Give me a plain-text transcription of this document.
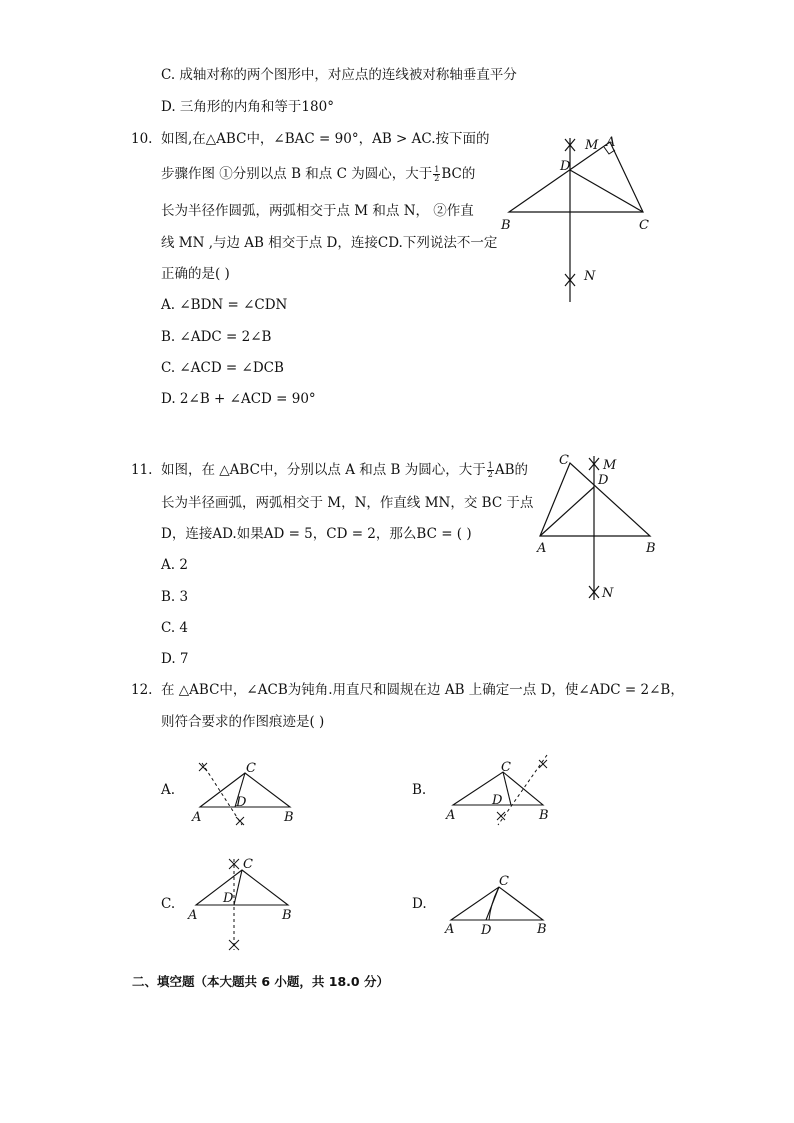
C. 成轴对称的两个图形中，对应点的连线被对称轴垂直平分
D. 三角形的内角和等于180°
10. 如图,在△ABC中，∠BAC = 90°，AB > AC.按下面的
步骤作图 ①分别以点 B 和点 C 为圆心，大于 $\frac{1}{2}$ BC的
长为半径作圆弧，两弧相交于点 M 和点 N， ②作直
线 MN ,与边 AB 相交于点 D，连接CD.下列说法不一定
正确的是( )
A. ∠BDN = ∠CDN
B. ∠ADC = 2∠B
C. ∠ACD = ∠DCB
D. 2∠B + ∠ACD = 90°
M A
D
B	C
N
11. 如图，在 △ABC中，分别以点 A 和点 B 为圆心，大于 $\frac{1}{2}$ AB的
长为半径画弧，两弧相交于 M，N，作直线 MN，交 BC 于点
D，连接AD.如果AD = 5，CD = 2，那么BC = ( )
A. 2
B. 3
C. 4
D. 7
C	M
D
A	B
N
12. 在 △ABC中，∠ACB为钝角.用直尺和圆规在边 AB 上确定一点 D，使∠ADC = 2∠B，
则符合要求的作图痕迹是( )
A.	B.
C.	D.
C
D
A	B
C
D
A	B
C
D
A	B
C
A D	B
二、填空题（本大题共 6 小题，共 18.0 分）
